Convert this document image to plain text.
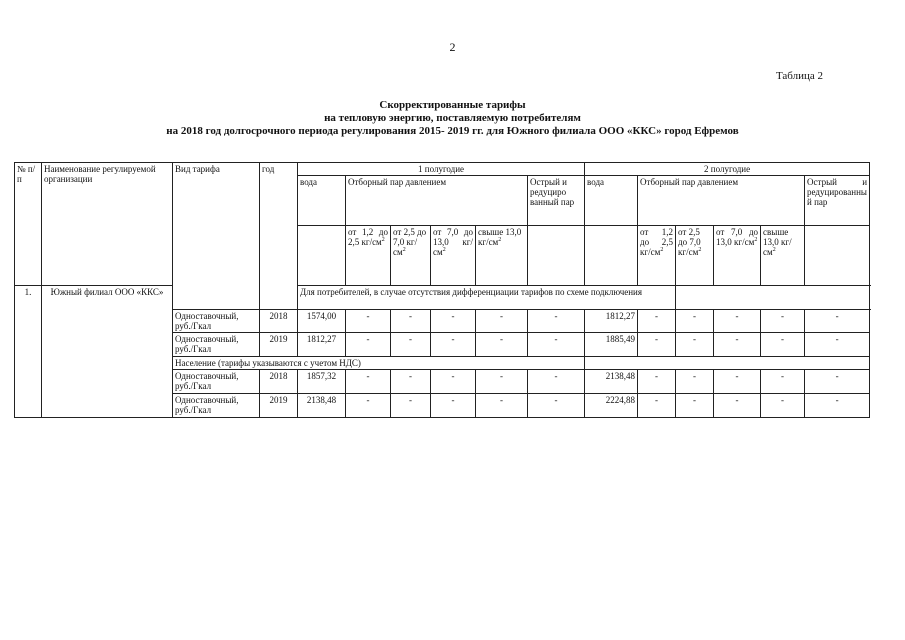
2
Таблица 2
Скорректированные тарифы
на тепловую энергию, поставляемую потребителям
на 2018 год долгосрочного периода регулирования 2015- 2019 гг. для Южного филиала ООО «ККС» город Ефремов
№ п/п	Наименование регулируемой организации	Вид тарифа	год	1 полугодие						2 полугодие					
				вода	Отборный пар давлением				Острый и редуциро ванный пар	вода	Отборный пар давлением				Острый и редуцированный пар
					от 1,2 до 2,5 $кг/см^2$	от 2,5 до 7,0 $кг/см^2$	от 7,0 до 13,0 $кг/см^2$	свыше 13,0 $кг/см^2$			от 1,2 до 2,5 $кг/см^2$	от 2,5 до 7,0 $кг/см^2$	от 7,0 до 13,0 $кг/см^2$	свыше 13,0 $кг/см^2$	
1.	Южный филиал ООО «ККС»			Для потребителей, в случае отсутствия дифференциации тарифов по схеме подключения											
		Одноставочный, руб./Гкал	2018	1574,00	-	-	-	-	-	1812,27	-	-	-	-	-
		Одноставочный, руб./Гкал	2019	1812,27	-	-	-	-	-	1885,49	-	-	-	-	-
		Население (тарифы указываются с учетом НДС)													
		Одноставочный, руб./Гкал	2018	1857,32	-	-	-	-	-	2138,48	-	-	-	-	-
		Одноставочный, руб./Гкал	2019	2138,48	-	-	-	-	-	2224,88	-	-	-	-	-
